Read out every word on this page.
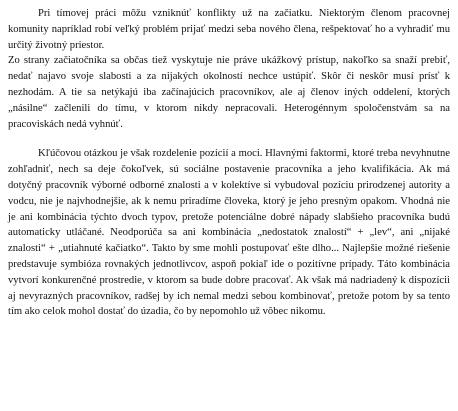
Pri tímovej práci môžu vzniknúť konflikty už na začiatku. Niektorým členom pracovnej komunity napríklad robí veľký problém prijať medzi seba nového člena, rešpektovať ho a vyhradiť mu určitý životný priestor.

Zo strany začiatočníka sa občas tiež vyskytuje nie práve ukážkový prístup, nakoľko sa snaží prebiť, nedať najavo svoje slabosti a za nijakých okolností nechce ustúpiť. Skôr či neskôr musí prísť k nezhodám. A tie sa netýkajú iba začínajúcich pracovníkov, ale aj členov iných oddelení, ktorých „násilne“ začlenili do tímu, v ktorom nikdy nepracovali. Heterogénnym spoločenstvám sa na pracoviskách nedá vyhnúť.

Kľúčovou otázkou je však rozdelenie pozícií a moci. Hlavnými faktormi, ktoré treba nevyhnutne zohľadniť, nech sa deje čokoľvek, sú sociálne postavenie pracovníka a jeho kvalifikácia. Ak má dotyčný pracovník výborné odborné znalosti a v kolektíve si vybudoval pozíciu prirodzenej autority a vodcu, nie je najvhodnejšie, ak k nemu priradíme človeka, ktorý je jeho presným opakom. Vhodná nie je ani kombinácia týchto dvoch typov, pretože potenciálne dobré nápady slabšieho pracovníka budú automaticky utláčané. Neodporúča sa ani kombinácia „nedostatok znalostí“ + „lev“, ani „nijaké znalosti“ + „utiahnuté kačiatko“. Takto by sme mohli postupovať ešte dlho... Najlepšie možné riešenie predstavuje symbióza rovnakých jednotlivcov, aspoň pokiaľ ide o pozitívne prípady. Táto kombinácia vytvorí konkurenčné prostredie, v ktorom sa bude dobre pracovať. Ak však má nadriadený k dispozícii aj nevyrazných pracovníkov, radšej by ich nemal medzi sebou kombinovať, pretože potom by sa tento tím ako celok mohol dostať do úzadia, čo by nepomohlo už vôbec nikomu.
